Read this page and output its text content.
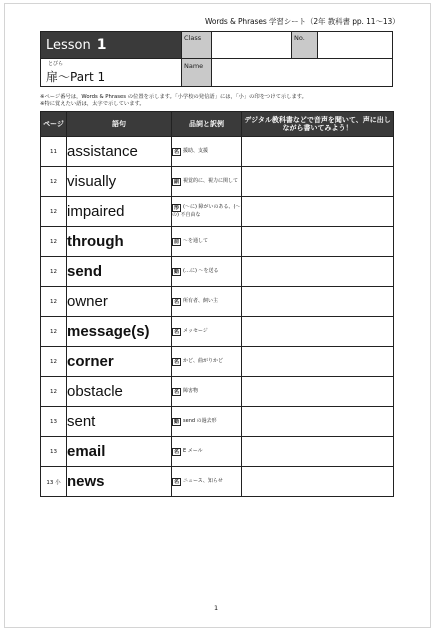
Words & Phrases 学習シート（2年 教科書 pp. 11〜13）
Lesson 1
とびら
扉〜Part 1
Class	No.
Name
※ページ番号は，Words & Phrases の位置を示します。「小学校の発信語」には，「小」の印をつけて示します。
※特に覚えたい語は，太字で示しています。
ページ	語句	品詞と訳例	デジタル教科書などで音声を聞いて、声に出しながら書いてみよう！
11	assistance	名 援助、支援	
12	visually	副 視覚的に、視力に関して	
12	impaired	形 (～に) 障がいのある、(～の) 不自由な	
12	through	前 ～を通して	
12	send	動 (…に) ～を送る	
12	owner	名 所有者、飼い主	
12	message(s)	名 メッセージ	
12	corner	名 かど、曲がりかど	
12	obstacle	名 障害物	
13	sent	動 send の過去形	
13	email	名 E メール	
13 小	news	名 ニュース、知らせ	
1
